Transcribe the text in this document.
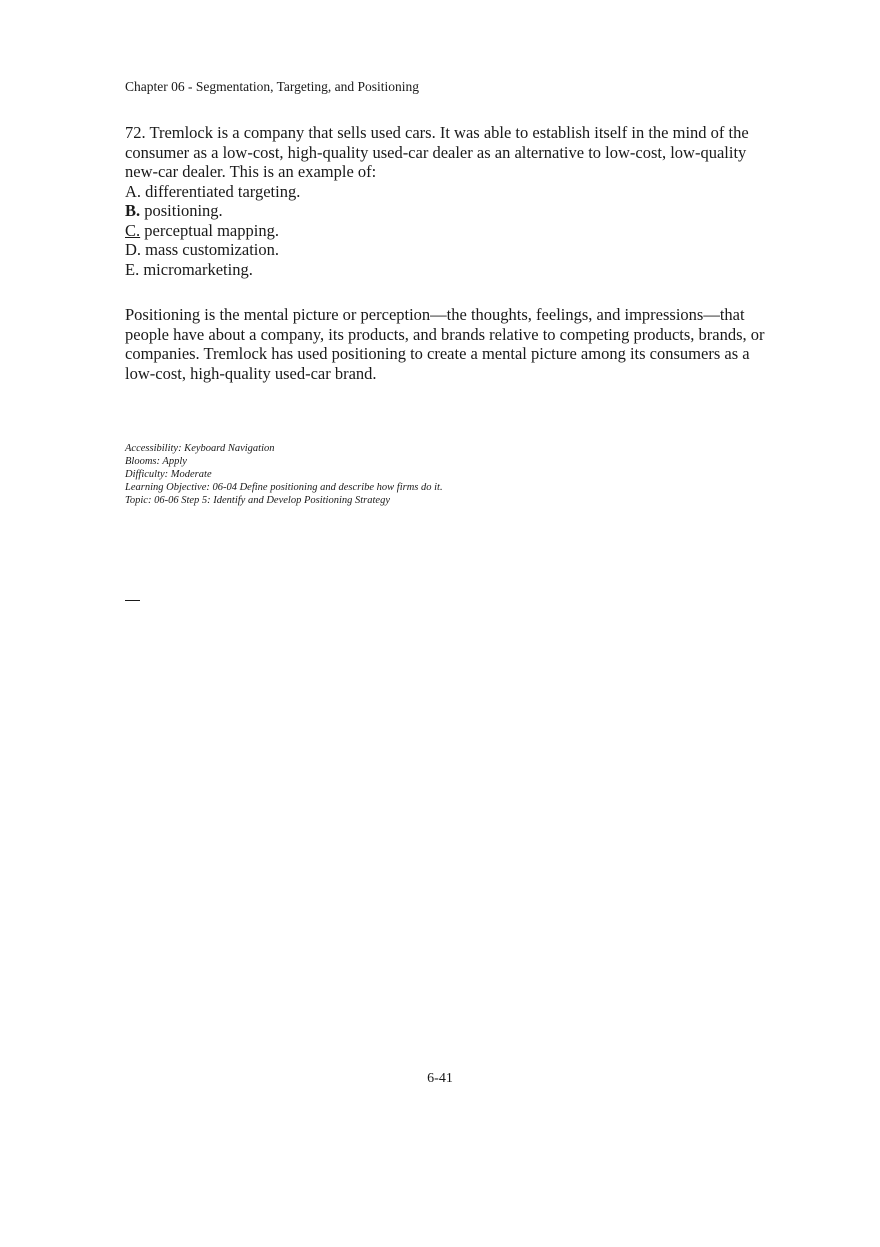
Chapter 06 - Segmentation, Targeting, and Positioning

72. Tremlock is a company that sells used cars. It was able to establish itself in the mind of the consumer as a low-cost, high-quality used-car dealer as an alternative to low-cost, low-quality new-car dealer. This is an example of:

A. differentiated targeting.
B. positioning.
C. perceptual mapping.
D. mass customization.
E. micromarketing.

Positioning is the mental picture or perception—the thoughts, feelings, and impressions—that people have about a company, its products, and brands relative to competing products, brands, or companies. Tremlock has used positioning to create a mental picture among its consumers as a low-cost, high-quality used-car brand.

Accessibility: Keyboard Navigation
Blooms: Apply
Difficulty: Moderate
Learning Objective: 06-04 Define positioning and describe how firms do it.
Topic: 06-06 Step 5: Identify and Develop Positioning Strategy
6-41
